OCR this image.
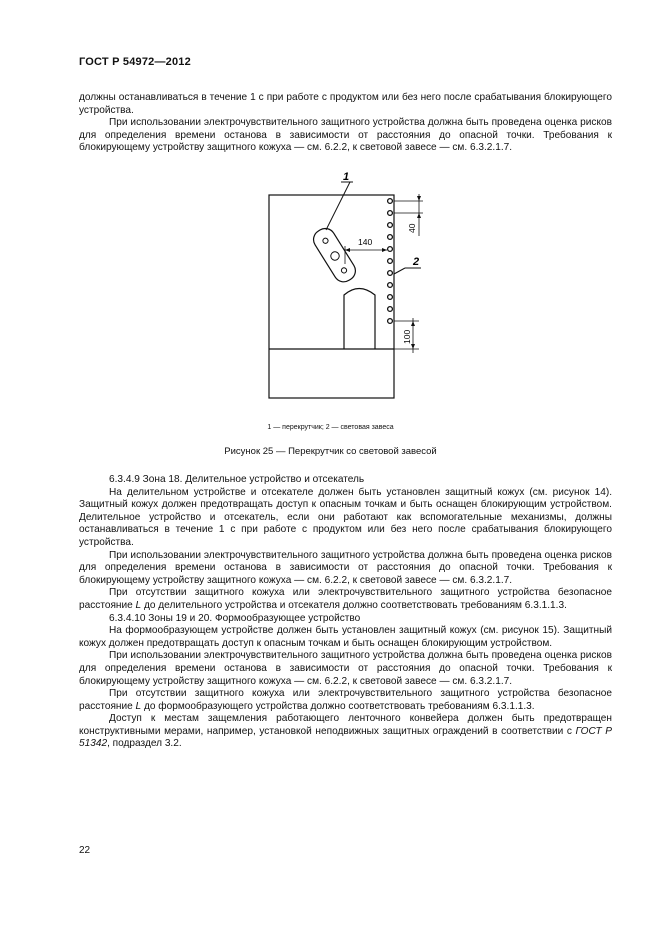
ГОСТ Р 54972—2012

должны останавливаться в течение 1 с при работе с продуктом или без него после срабатывания блокирующего устройства.

При использовании электрочувствительного защитного устройства должна быть проведена оценка рисков для определения времени останова в зависимости от расстояния до опасной точки. Требования к блокирующему устройству защитного кожуха — см. 6.2.2, к световой завесе — см. 6.3.2.1.7.

1
140
40
2
100
1 — перекрутчик; 2 — световая завеса
Рисунок 25 — Перекрутчик со световой завесой

6.3.4.9 Зона 18. Делительное устройство и отсекатель

На делительном устройстве и отсекателе должен быть установлен защитный кожух (см. рисунок 14). Защитный кожух должен предотвращать доступ к опасным точкам и быть оснащен блокирующим устройством. Делительное устройство и отсекатель, если они работают как вспомогательные механизмы, должны останавливаться в течение 1 с при работе с продуктом или без него после срабатывания блокирующего устройства.

При использовании электрочувствительного защитного устройства должна быть проведена оценка рисков для определения времени останова в зависимости от расстояния до опасной точки. Требования к блокирующему устройству защитного кожуха — см. 6.2.2, к световой завесе — см. 6.3.2.1.7.

При отсутствии защитного кожуха или электрочувствительного защитного устройства безопасное расстояние L до делительного устройства и отсекателя должно соответствовать требованиям 6.3.1.1.3.

6.3.4.10 Зоны 19 и 20. Формообразующее устройство

На формообразующем устройстве должен быть установлен защитный кожух (см. рисунок 15). Защитный кожух должен предотвращать доступ к опасным точкам и быть оснащен блокирующим устройством.

При использовании электрочувствительного защитного устройства должна быть проведена оценка рисков для определения времени останова в зависимости от расстояния до опасной точки. Требования к блокирующему устройству защитного кожуха — см. 6.2.2, к световой завесе — см. 6.3.2.1.7.

При отсутствии защитного кожуха или электрочувствительного защитного устройства безопасное расстояние L до формообразующего устройства должно соответствовать требованиям 6.3.1.1.3.

Доступ к местам защемления работающего ленточного конвейера должен быть предотвращен конструктивными мерами, например, установкой неподвижных защитных ограждений в соответствии с ГОСТ Р 51342, подраздел 3.2.

22
